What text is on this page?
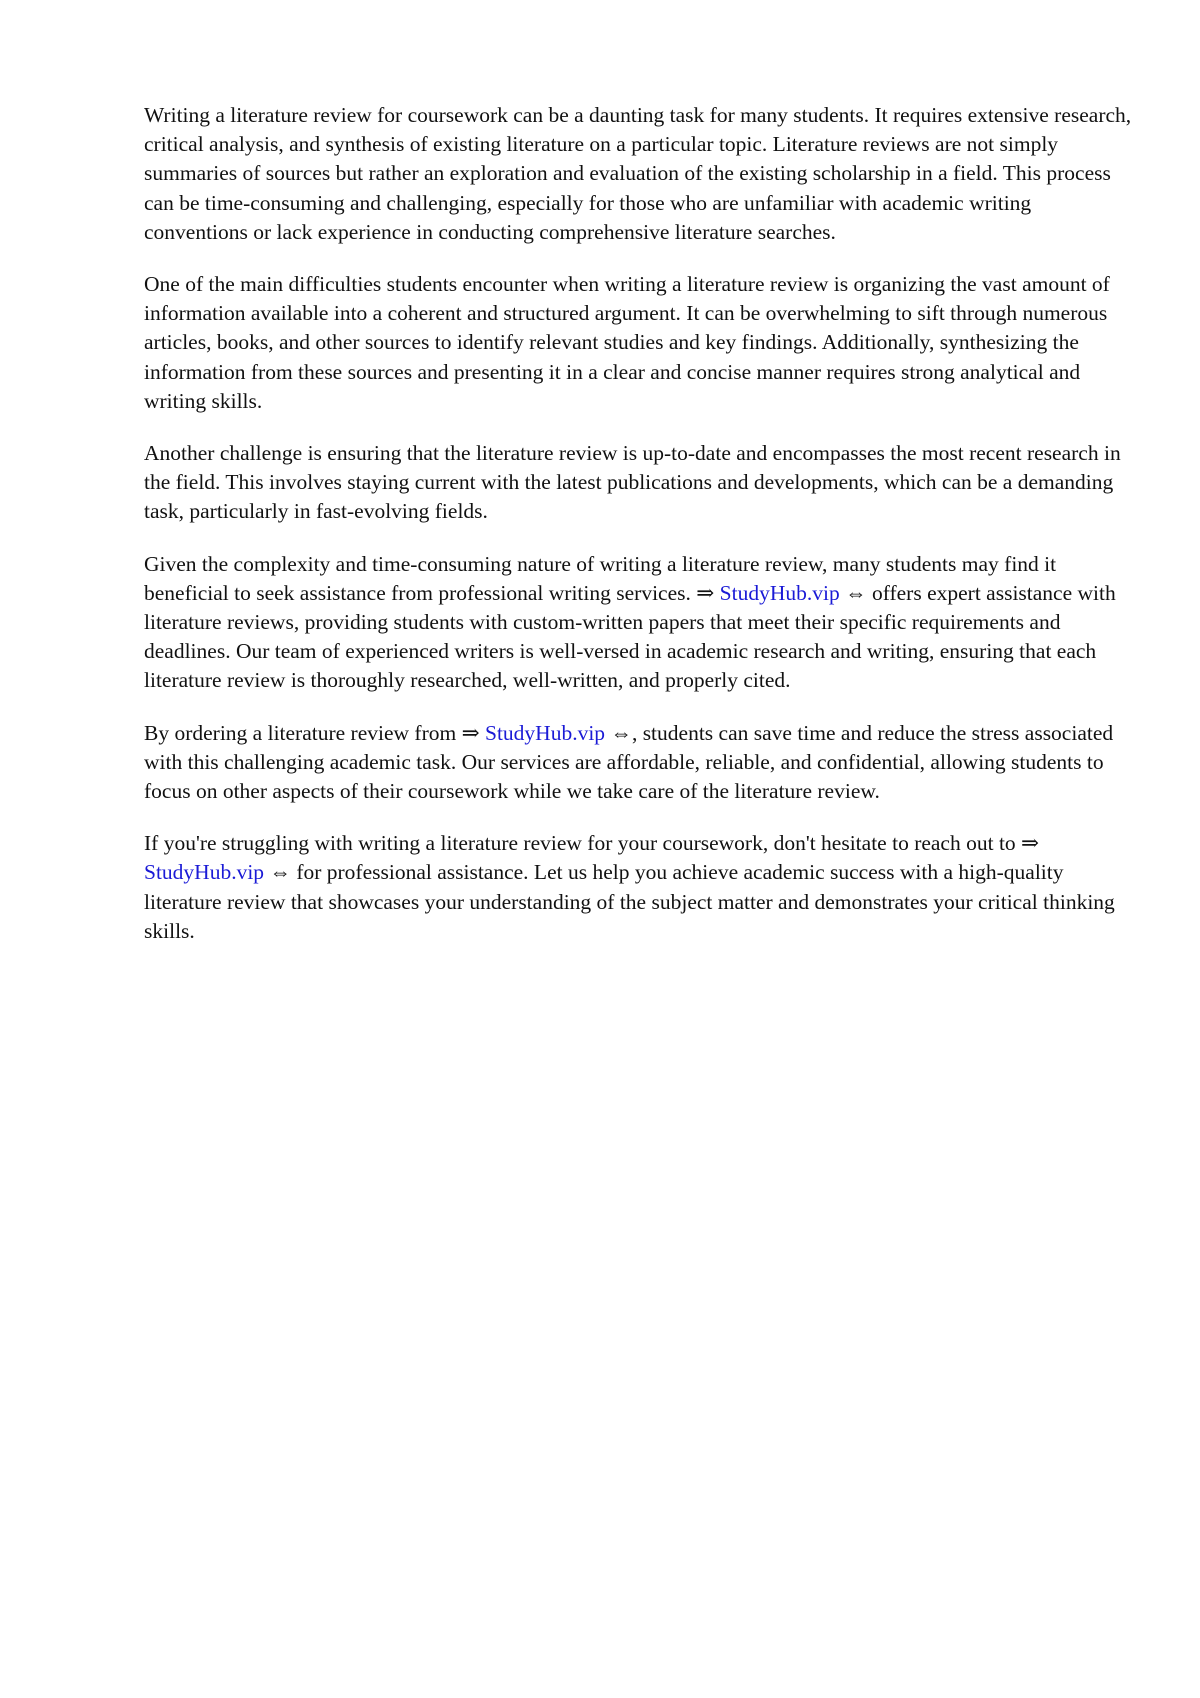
Writing a literature review for coursework can be a daunting task for many students. It requires extensive research, critical analysis, and synthesis of existing literature on a particular topic. Literature reviews are not simply summaries of sources but rather an exploration and evaluation of the existing scholarship in a field. This process can be time-consuming and challenging, especially for those who are unfamiliar with academic writing conventions or lack experience in conducting comprehensive literature searches.

One of the main difficulties students encounter when writing a literature review is organizing the vast amount of information available into a coherent and structured argument. It can be overwhelming to sift through numerous articles, books, and other sources to identify relevant studies and key findings. Additionally, synthesizing the information from these sources and presenting it in a clear and concise manner requires strong analytical and writing skills.

Another challenge is ensuring that the literature review is up-to-date and encompasses the most recent research in the field. This involves staying current with the latest publications and developments, which can be a demanding task, particularly in fast-evolving fields.

Given the complexity and time-consuming nature of writing a literature review, many students may find it beneficial to seek assistance from professional writing services. ⇒ StudyHub.vip ⇔ offers expert assistance with literature reviews, providing students with custom-written papers that meet their specific requirements and deadlines. Our team of experienced writers is well-versed in academic research and writing, ensuring that each literature review is thoroughly researched, well-written, and properly cited.

By ordering a literature review from ⇒ StudyHub.vip ⇔, students can save time and reduce the stress associated with this challenging academic task. Our services are affordable, reliable, and confidential, allowing students to focus on other aspects of their coursework while we take care of the literature review.

If you're struggling with writing a literature review for your coursework, don't hesitate to reach out to ⇒ StudyHub.vip ⇔ for professional assistance. Let us help you achieve academic success with a high-quality literature review that showcases your understanding of the subject matter and demonstrates your critical thinking skills.
